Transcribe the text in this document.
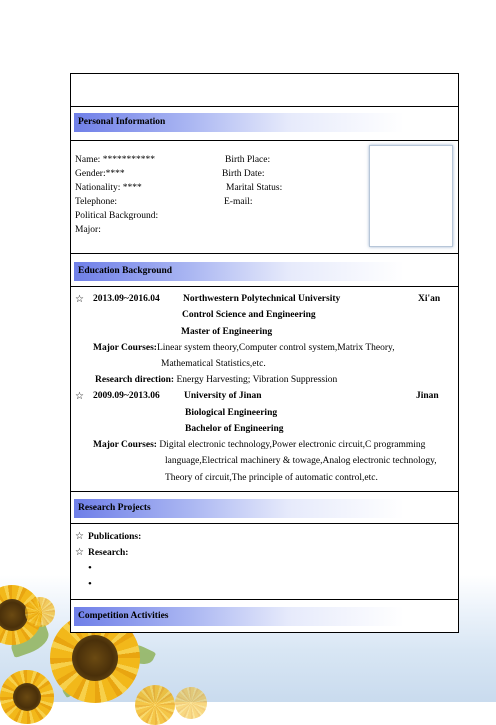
Personal Information
Name: ***********	Birth Place:
Gender:****	Birth Date:
Nationality: ****	Marital Status:
Telephone:	E-mail:
Political Background:
Major:
Education Background
☆ 2013.09~2016.04 Northwestern Polytechnical University	Xi'an
Control Science and Engineering
Master of Engineering
Major Courses:Linear system theory,Computer control system,Matrix Theory,
Mathematical Statistics,etc.
Research direction: Energy Harvesting; Vibration Suppression
☆ 2009.09~2013.06	University of Jinan	Jinan
Biological Engineering
Bachelor of Engineering
Major Courses: Digital electronic technology,Power electronic circuit,C programming
language,Electrical machinery & towage,Analog electronic technology,
Theory of circuit,The principle of automatic control,etc.
Research Projects
☆ Publications:
☆ Research:
•
•
Competition Activities
